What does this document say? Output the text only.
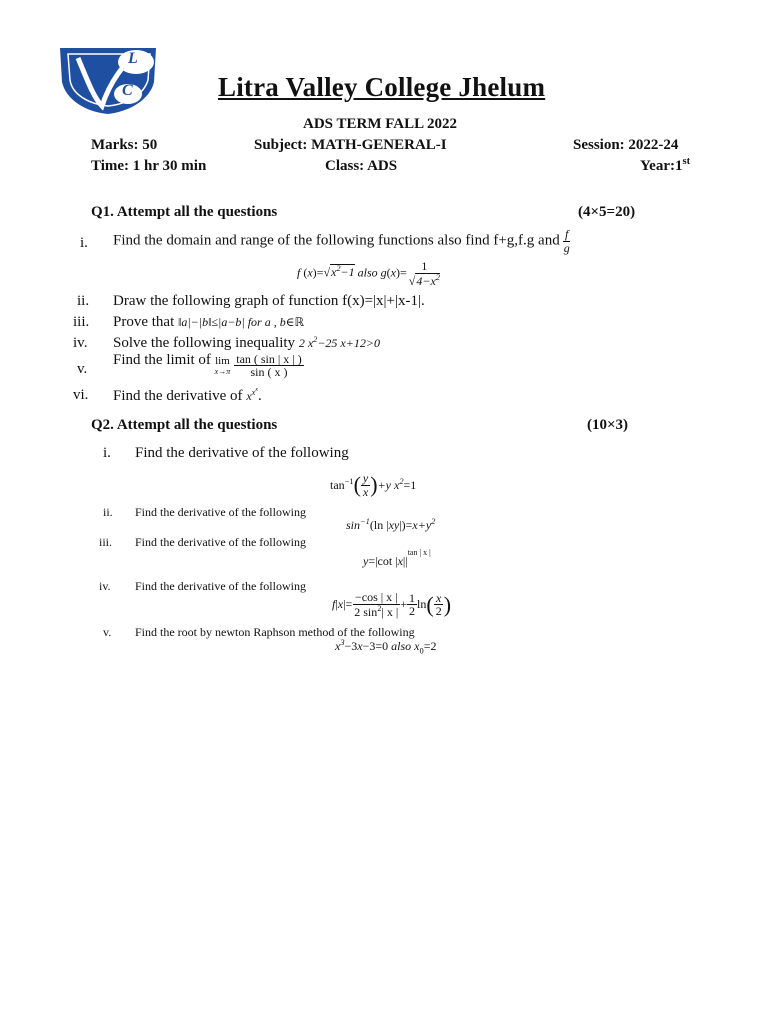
L
C	Litra Valley College Jhelum
ADS TERM FALL 2022
Marks: 50	Subject: MATH-GENERAL-I	Session: 2022-24
Time: 1 hr 30 min	Class: ADS	Year:1st
Q1. Attempt all the questions	(4×5=20)
i. Find the domain and range of the following functions also find f+g,f.g and $\frac{f}{g}$
f $(x)=√x^2-1$ also $g(x)= \frac{1}{√4-x^2}$
ii. Draw the following graph of function f(x)=|x|+|x-1|.
iii. Prove that ‖a|−|b‖≤|a−b| for a , b∈ℝ
iv. Solve the following inequality 2 $x^2-25$ x+12>0
v.
Find the limit of lim
$x\to\pi \frac{\tan ( \sin | x | )}{\sin ( x )}$
vi. Find the derivative of $x^{x^x}$.
Q2. Attempt all the questions	(10×3)
i. Find the derivative of the following
$\tan^{-1}$ ( $\frac{y}{x}$ ) +y $x^2=1$
ii. Find the derivative of the following
$\sin^{-1}(\ln$ $|xy|)=x+y^2$
iii. Find the derivative of the following
y=|cot $|x||^{tan | x |}$
iv. Find the derivative of the following
f | x |= $\frac{-\cos | x |}{2 \sin^2| x |} + \frac{1}{2}$ ln ( $\frac{x}{2}$ )
v. Find the root by newton Raphson method of the following
$x^3-3x-3=0$ also $x_0=2$
